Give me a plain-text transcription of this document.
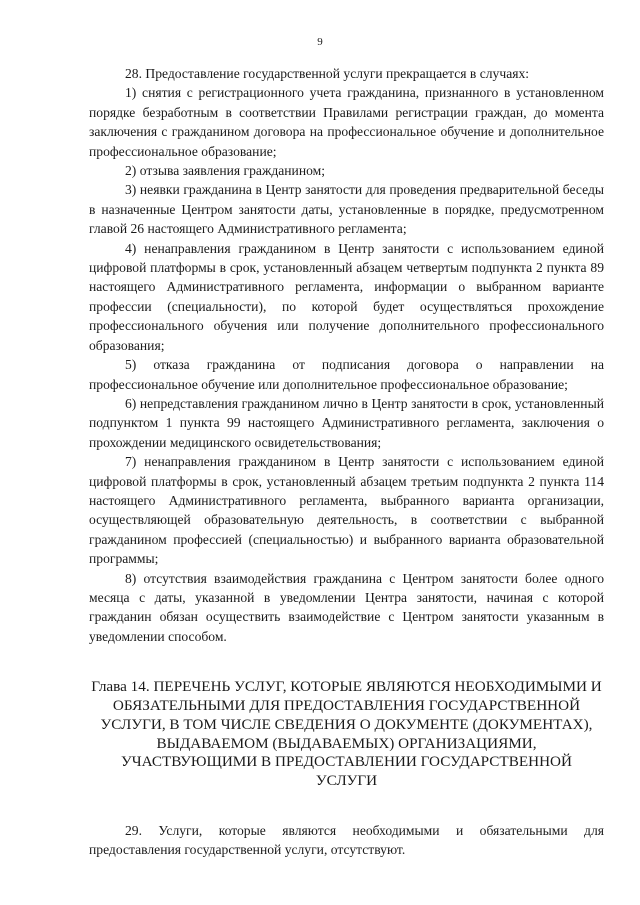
9

28. Предоставление государственной услуги прекращается в случаях:

1) снятия с регистрационного учета гражданина, признанного в установленном порядке безработным в соответствии Правилами регистрации граждан, до момента заключения с гражданином договора на профессиональное обучение и дополнительное профессиональное образование;

2) отзыва заявления гражданином;

3) неявки гражданина в Центр занятости для проведения предварительной беседы в назначенные Центром занятости даты, установленные в порядке, предусмотренном главой 26 настоящего Административного регламента;

4) ненаправления гражданином в Центр занятости с использованием единой цифровой платформы в срок, установленный абзацем четвертым подпункта 2 пункта 89 настоящего Административного регламента, информации о выбранном варианте профессии (специальности), по которой будет осуществляться прохождение профессионального обучения или получение дополнительного профессионального образования;

5) отказа гражданина от подписания договора о направлении на профессиональное обучение или дополнительное профессиональное образование;

6) непредставления гражданином лично в Центр занятости в срок, установленный подпунктом 1 пункта 99 настоящего Административного регламента, заключения о прохождении медицинского освидетельствования;

7) ненаправления гражданином в Центр занятости с использованием единой цифровой платформы в срок, установленный абзацем третьим подпункта 2 пункта 114 настоящего Административного регламента, выбранного варианта организации, осуществляющей образовательную деятельность, в соответствии с выбранной гражданином профессией (специальностью) и выбранного варианта образовательной программы;

8) отсутствия взаимодействия гражданина с Центром занятости более одного месяца с даты, указанной в уведомлении Центра занятости, начиная с которой гражданин обязан осуществить взаимодействие с Центром занятости указанным в уведомлении способом.

Глава 14. ПЕРЕЧЕНЬ УСЛУГ, КОТОРЫЕ ЯВЛЯЮТСЯ НЕОБХОДИМЫМИ И ОБЯЗАТЕЛЬНЫМИ ДЛЯ ПРЕДОСТАВЛЕНИЯ ГОСУДАРСТВЕННОЙ УСЛУГИ, В ТОМ ЧИСЛЕ СВЕДЕНИЯ О ДОКУМЕНТЕ (ДОКУМЕНТАХ), ВЫДАВАЕМОМ (ВЫДАВАЕМЫХ) ОРГАНИЗАЦИЯМИ, УЧАСТВУЮЩИМИ В ПРЕДОСТАВЛЕНИИ ГОСУДАРСТВЕННОЙ УСЛУГИ

29. Услуги, которые являются необходимыми и обязательными для предоставления государственной услуги, отсутствуют.
